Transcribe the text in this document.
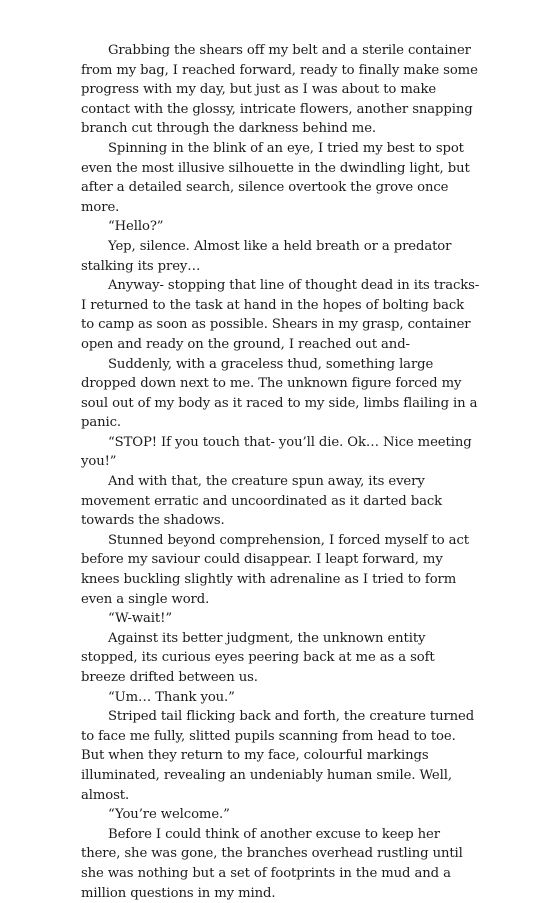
Grabbing the shears off my belt and a sterile container from my bag, I reached forward, ready to finally make some progress with my day, but just as I was about to make contact with the glossy, intricate flowers, another snapping branch cut through the darkness behind me.

Spinning in the blink of an eye, I tried my best to spot even the most illusive silhouette in the dwindling light, but after a detailed search, silence overtook the grove once more.

“Hello?”

Yep, silence. Almost like a held breath or a predator stalking its prey…

Anyway- stopping that line of thought dead in its tracks- I returned to the task at hand in the hopes of bolting back to camp as soon as possible. Shears in my grasp, container open and ready on the ground, I reached out and-

Suddenly, with a graceless thud, something large dropped down next to me. The unknown figure forced my soul out of my body as it raced to my side, limbs flailing in a panic.

“STOP! If you touch that- you’ll die. Ok… Nice meeting you!”

And with that, the creature spun away, its every movement erratic and uncoordinated as it darted back towards the shadows.

Stunned beyond comprehension, I forced myself to act before my saviour could disappear. I leapt forward, my knees buckling slightly with adrenaline as I tried to form even a single word.

“W-wait!”

Against its better judgment, the unknown entity stopped, its curious eyes peering back at me as a soft breeze drifted between us.

“Um… Thank you.”

Striped tail flicking back and forth, the creature turned to face me fully, slitted pupils scanning from head to toe. But when they return to my face, colourful markings illuminated, revealing an undeniably human smile. Well, almost.

“You’re welcome.”

Before I could think of another excuse to keep her there, she was gone, the branches overhead rustling until she was nothing but a set of footprints in the mud and a million questions in my mind.
